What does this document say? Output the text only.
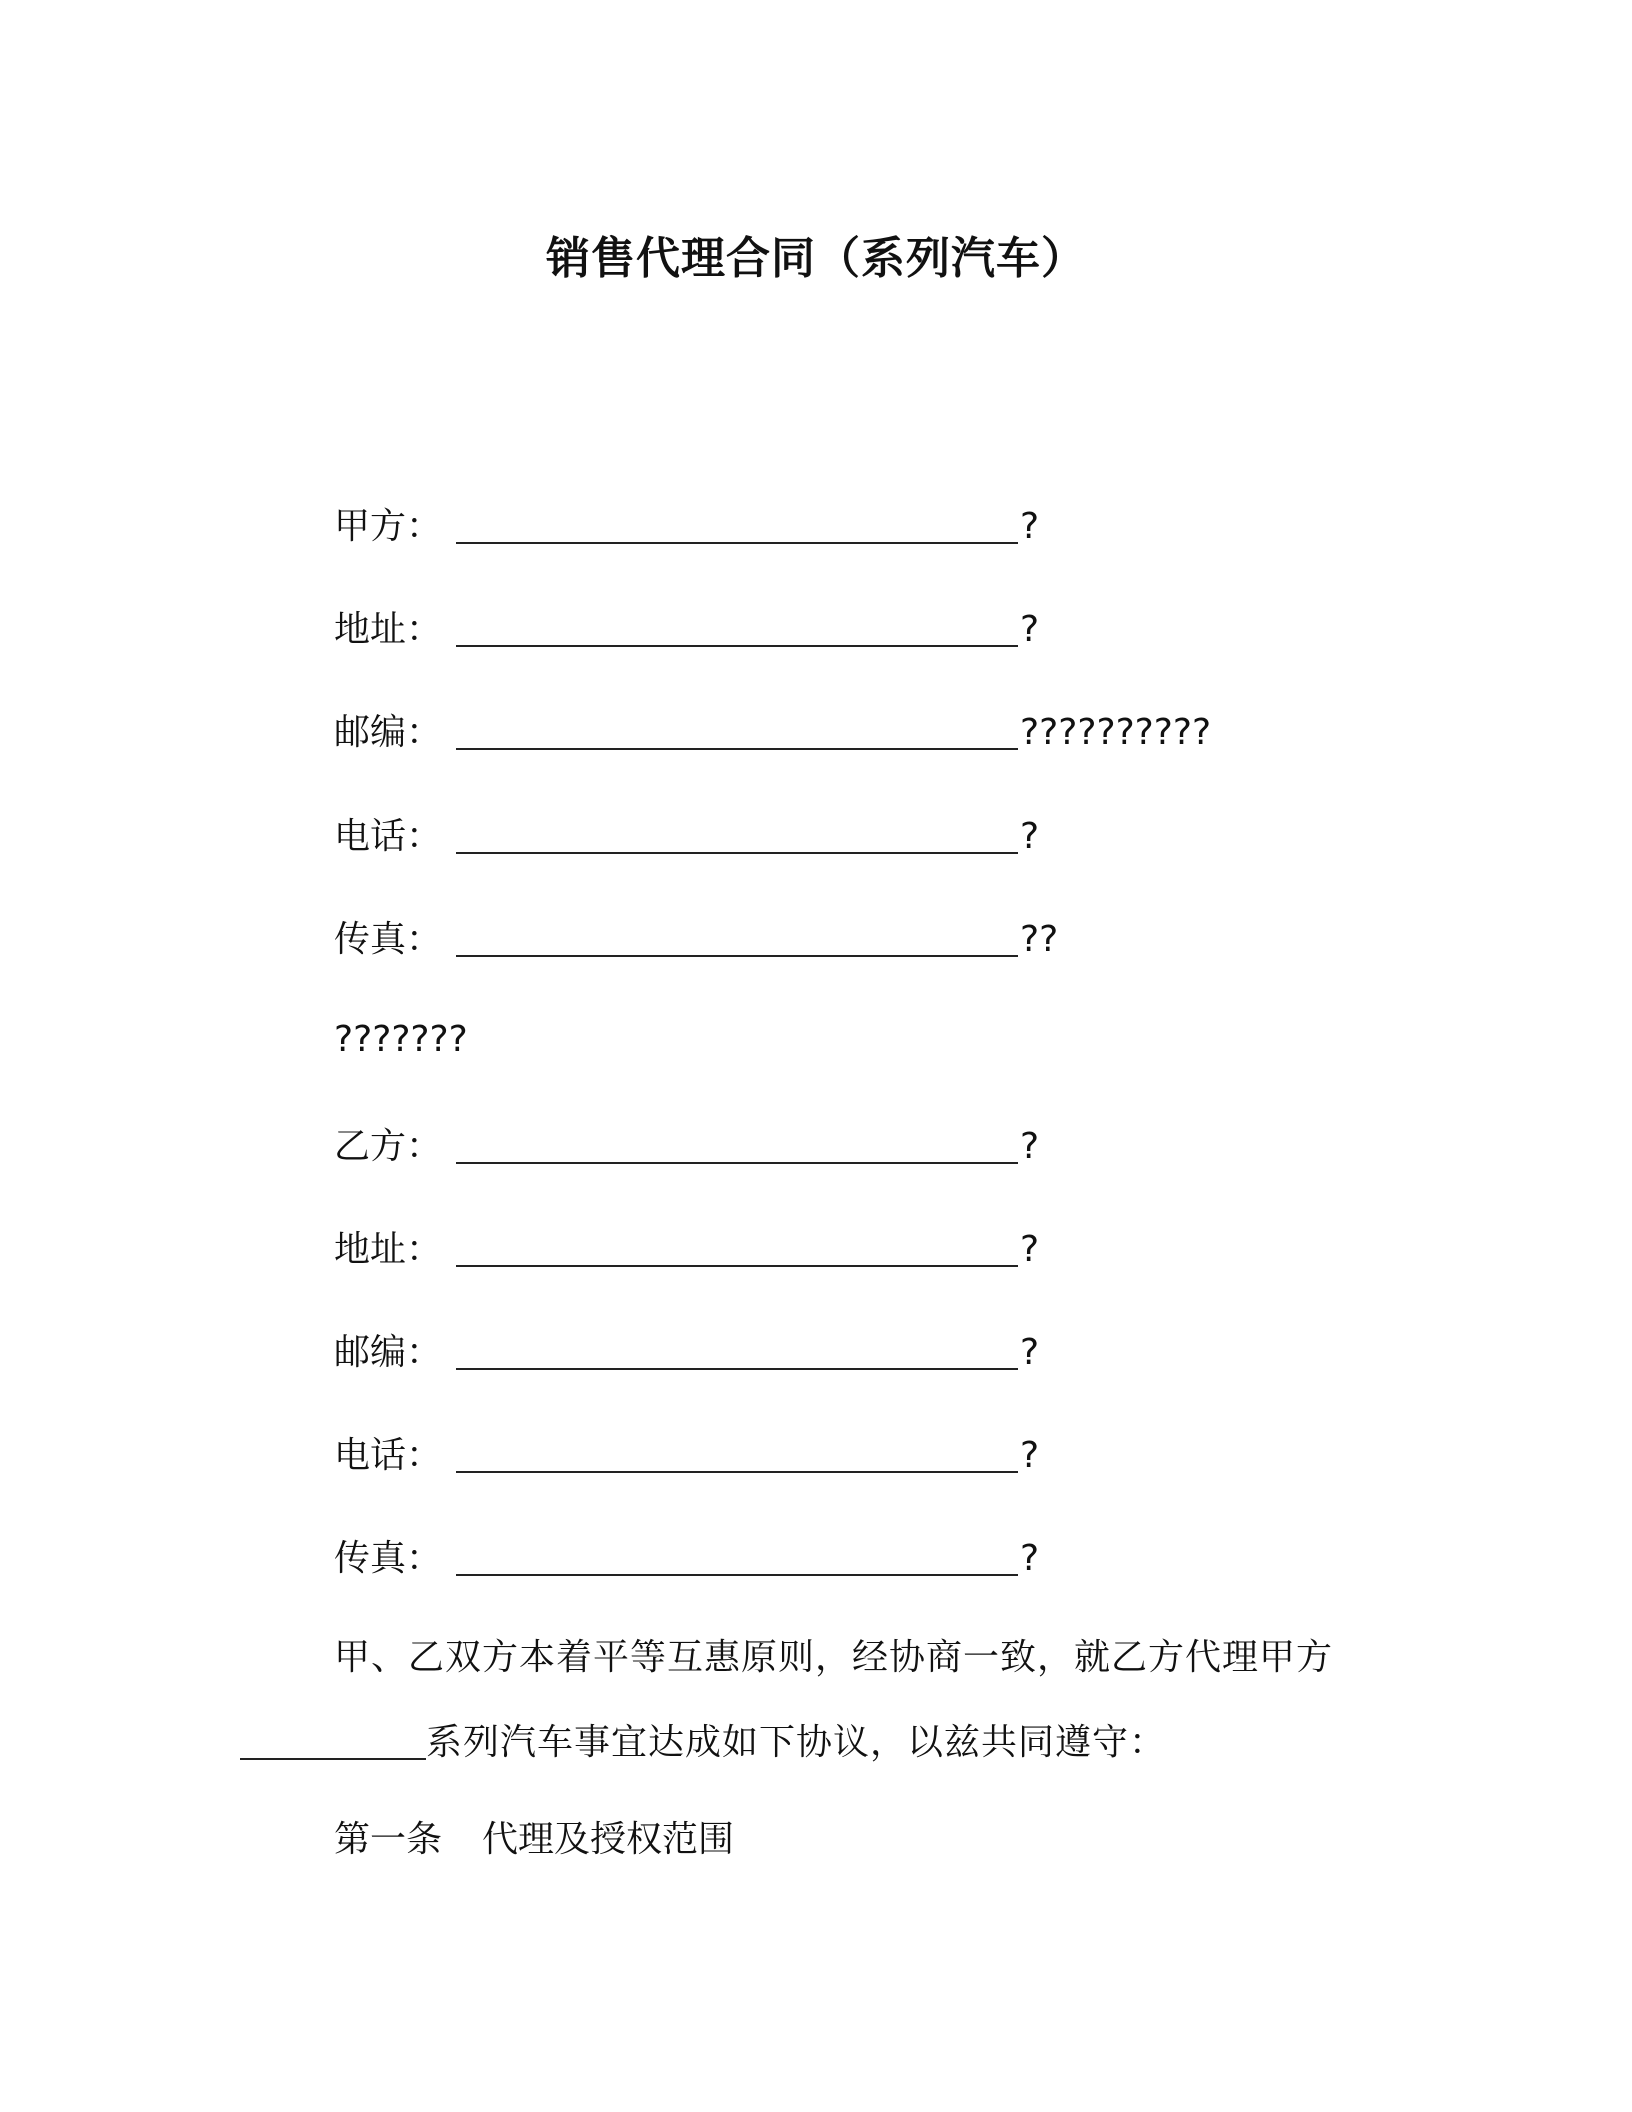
销售代理合同（系列汽车）
甲方：	?
地址：	?
邮编：	??????????
电话：	?
传真：	??
???????
乙方：	?
地址：	?
邮编：	?
电话：	?
传真：	?
甲、乙双方本着平等互惠原则，经协商一致，就乙方代理甲方
系列汽车事宜达成如下协议，以兹共同遵守：
第一条 代理及授权范围
